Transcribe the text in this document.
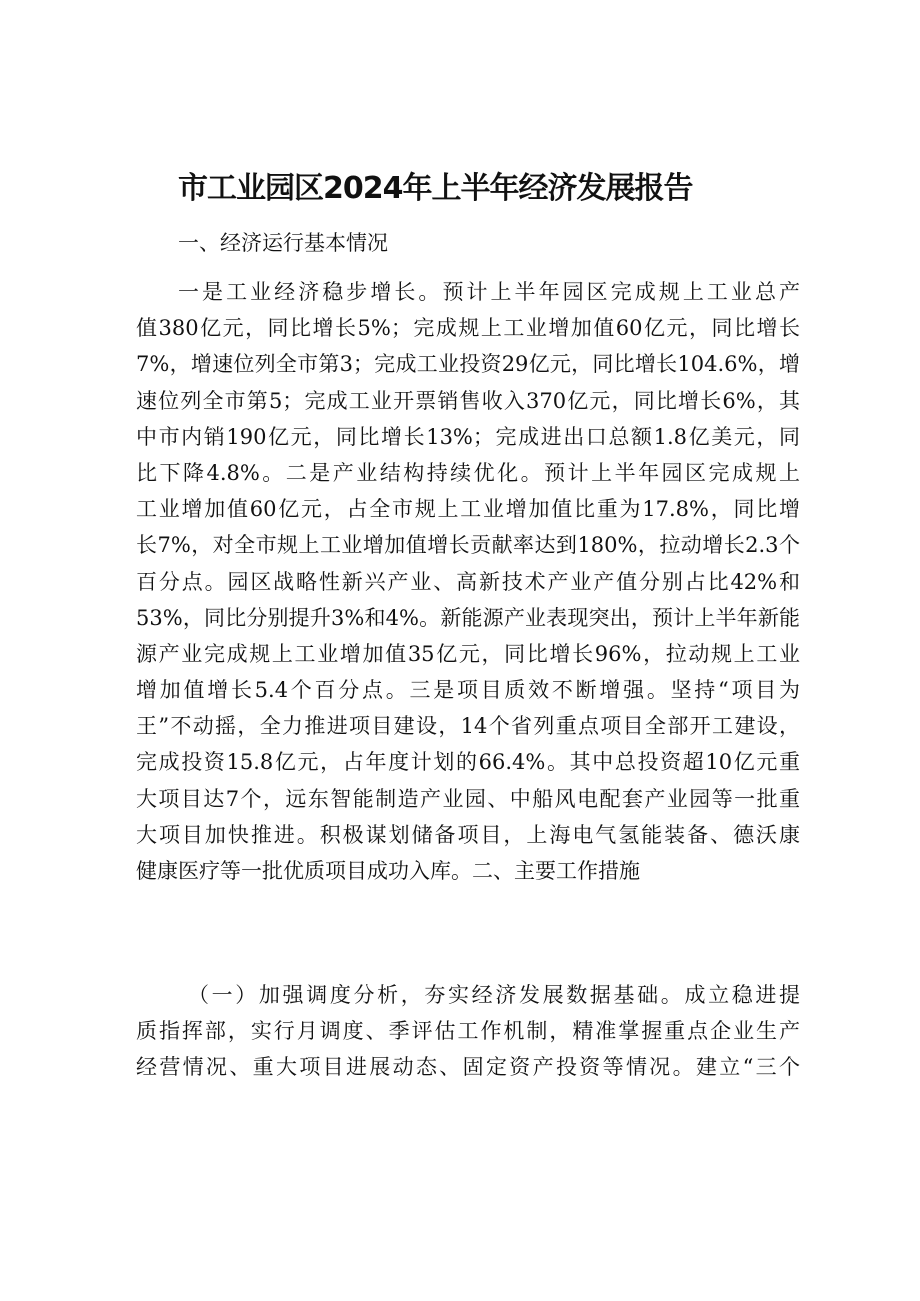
市工业园区2024年上半年经济发展报告
一、经济运行基本情况
一是工业经济稳步增长。预计上半年园区完成规上工业总产
值380亿元，同比增长5%；完成规上工业增加值60亿元，同比增长
7%，增速位列全市第3；完成工业投资29亿元，同比增长104.6%，增
速位列全市第5；完成工业开票销售收入370亿元，同比增长6%，其
中市内销190亿元，同比增长13%；完成进出口总额1.8亿美元，同
比下降4.8%。二是产业结构持续优化。预计上半年园区完成规上
工业增加值60亿元，占全市规上工业增加值比重为17.8%，同比增
长7%，对全市规上工业增加值增长贡献率达到180%，拉动增长2.3个
百分点。园区战略性新兴产业、高新技术产业产值分别占比42%和
53%，同比分别提升3%和4%。新能源产业表现突出，预计上半年新能
源产业完成规上工业增加值35亿元，同比增长96%，拉动规上工业
增加值增长5.4个百分点。三是项目质效不断增强。坚持“项目为
王”不动摇，全力推进项目建设，14个省列重点项目全部开工建设，
完成投资15.8亿元，占年度计划的66.4%。其中总投资超10亿元重
大项目达7个，远东智能制造产业园、中船风电配套产业园等一批重
大项目加快推进。积极谋划储备项目，上海电气氢能装备、德沃康
健康医疗等一批优质项目成功入库。二、主要工作措施
（一）加强调度分析，夯实经济发展数据基础。成立稳进提
质指挥部，实行月调度、季评估工作机制，精准掌握重点企业生产
经营情况、重大项目进展动态、固定资产投资等情况。建立“三个
